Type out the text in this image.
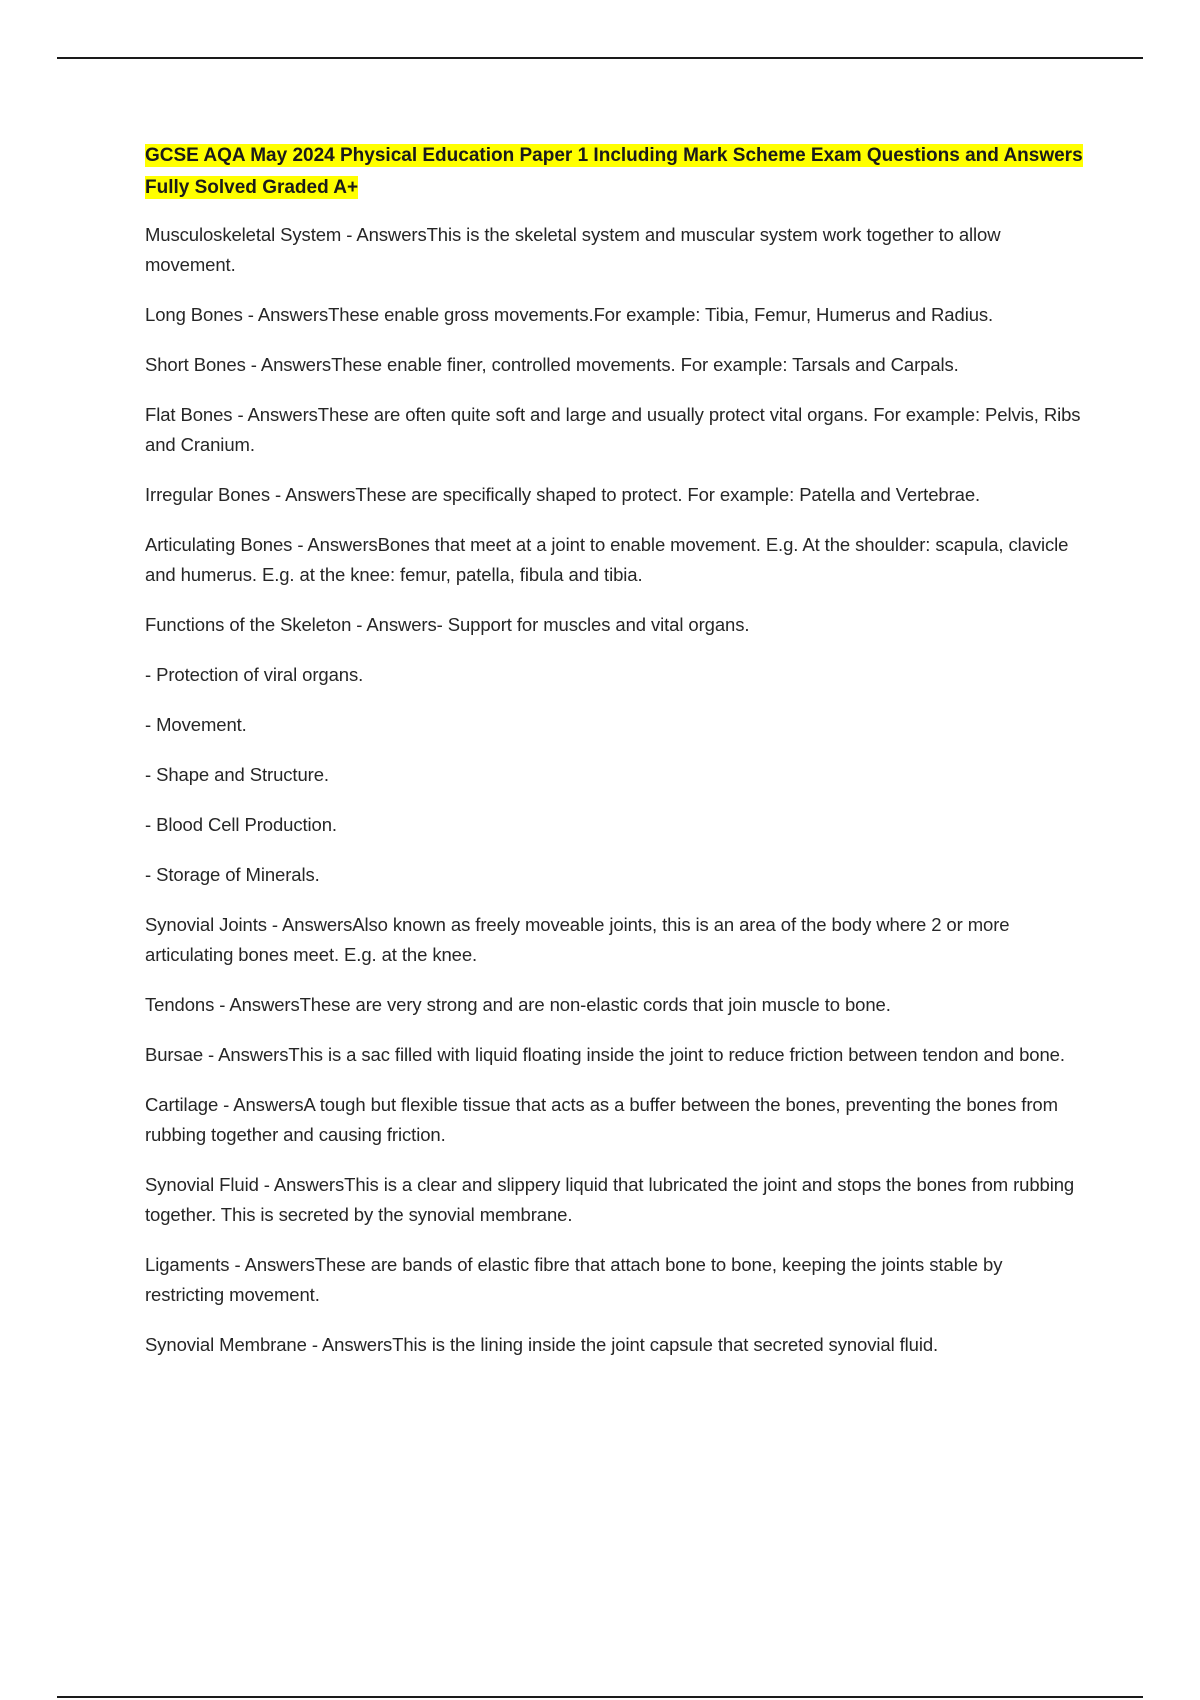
GCSE AQA May 2024 Physical Education Paper 1 Including Mark Scheme Exam Questions and Answers Fully Solved Graded A+

Musculoskeletal System - AnswersThis is the skeletal system and muscular system work together to allow movement.

Long Bones - AnswersThese enable gross movements.For example: Tibia, Femur, Humerus and Radius.

Short Bones - AnswersThese enable finer, controlled movements. For example: Tarsals and Carpals.

Flat Bones - AnswersThese are often quite soft and large and usually protect vital organs. For example: Pelvis, Ribs and Cranium.

Irregular Bones - AnswersThese are specifically shaped to protect. For example: Patella and Vertebrae.

Articulating Bones - AnswersBones that meet at a joint to enable movement. E.g. At the shoulder: scapula, clavicle and humerus. E.g. at the knee: femur, patella, fibula and tibia.

Functions of the Skeleton - Answers- Support for muscles and vital organs.

- Protection of viral organs.

- Movement.

- Shape and Structure.

- Blood Cell Production.

- Storage of Minerals.

Synovial Joints - AnswersAlso known as freely moveable joints, this is an area of the body where 2 or more articulating bones meet. E.g. at the knee.

Tendons - AnswersThese are very strong and are non-elastic cords that join muscle to bone.

Bursae - AnswersThis is a sac filled with liquid floating inside the joint to reduce friction between tendon and bone.

Cartilage - AnswersA tough but flexible tissue that acts as a buffer between the bones, preventing the bones from rubbing together and causing friction.

Synovial Fluid - AnswersThis is a clear and slippery liquid that lubricated the joint and stops the bones from rubbing together. This is secreted by the synovial membrane.

Ligaments - AnswersThese are bands of elastic fibre that attach bone to bone, keeping the joints stable by restricting movement.

Synovial Membrane - AnswersThis is the lining inside the joint capsule that secreted synovial fluid.
